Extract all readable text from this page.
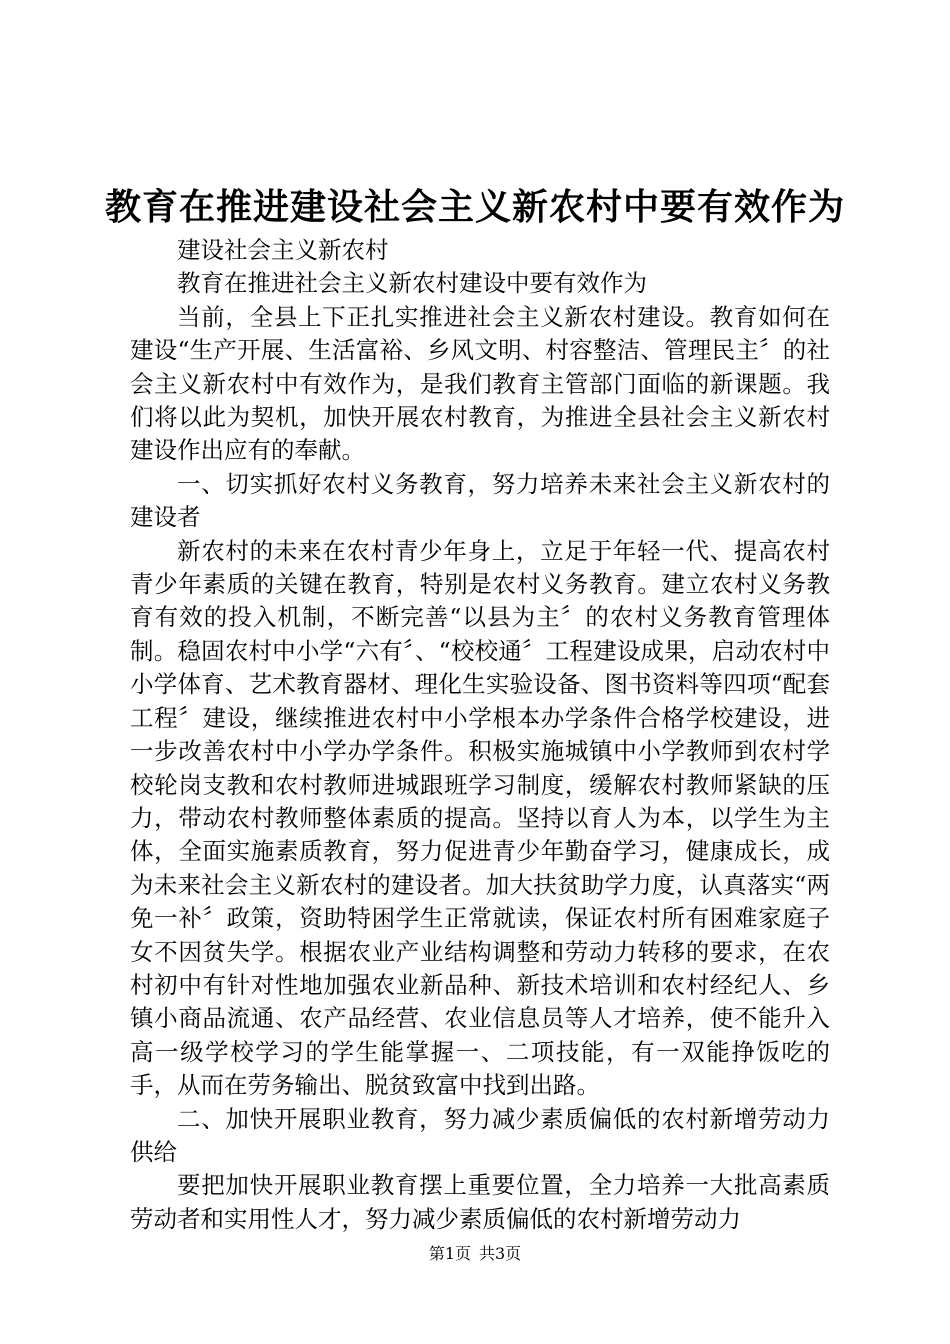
教育在推进建设社会主义新农村中要有效作为

建设社会主义新农村

教育在推进社会主义新农村建设中要有效作为

当前，全县上下正扎实推进社会主义新农村建设。教育如何在建设“生产开展、生活富裕、乡风文明、村容整洁、管理民主〞的社会主义新农村中有效作为，是我们教育主管部门面临的新课题。我们将以此为契机，加快开展农村教育，为推进全县社会主义新农村建设作出应有的奉献。

一、切实抓好农村义务教育，努力培养未来社会主义新农村的建设者

新农村的未来在农村青少年身上，立足于年轻一代、提高农村青少年素质的关键在教育，特别是农村义务教育。建立农村义务教育有效的投入机制，不断完善“以县为主〞的农村义务教育管理体制。稳固农村中小学“六有〞、“校校通〞工程建设成果，启动农村中小学体育、艺术教育器材、理化生实验设备、图书资料等四项“配套工程〞建设，继续推进农村中小学根本办学条件合格学校建设，进一步改善农村中小学办学条件。积极实施城镇中小学教师到农村学校轮岗支教和农村教师进城跟班学习制度，缓解农村教师紧缺的压力，带动农村教师整体素质的提高。坚持以育人为本，以学生为主体，全面实施素质教育，努力促进青少年勤奋学习，健康成长，成为未来社会主义新农村的建设者。加大扶贫助学力度，认真落实“两免一补〞政策，资助特困学生正常就读，保证农村所有困难家庭子女不因贫失学。根据农业产业结构调整和劳动力转移的要求，在农村初中有针对性地加强农业新品种、新技术培训和农村经纪人、乡镇小商品流通、农产品经营、农业信息员等人才培养，使不能升入高一级学校学习的学生能掌握一、二项技能，有一双能挣饭吃的手，从而在劳务输出、脱贫致富中找到出路。

二、加快开展职业教育，努力减少素质偏低的农村新增劳动力供给

要把加快开展职业教育摆上重要位置，全力培养一大批高素质劳动者和实用性人才，努力减少素质偏低的农村新增劳动力

第1页 共3页
